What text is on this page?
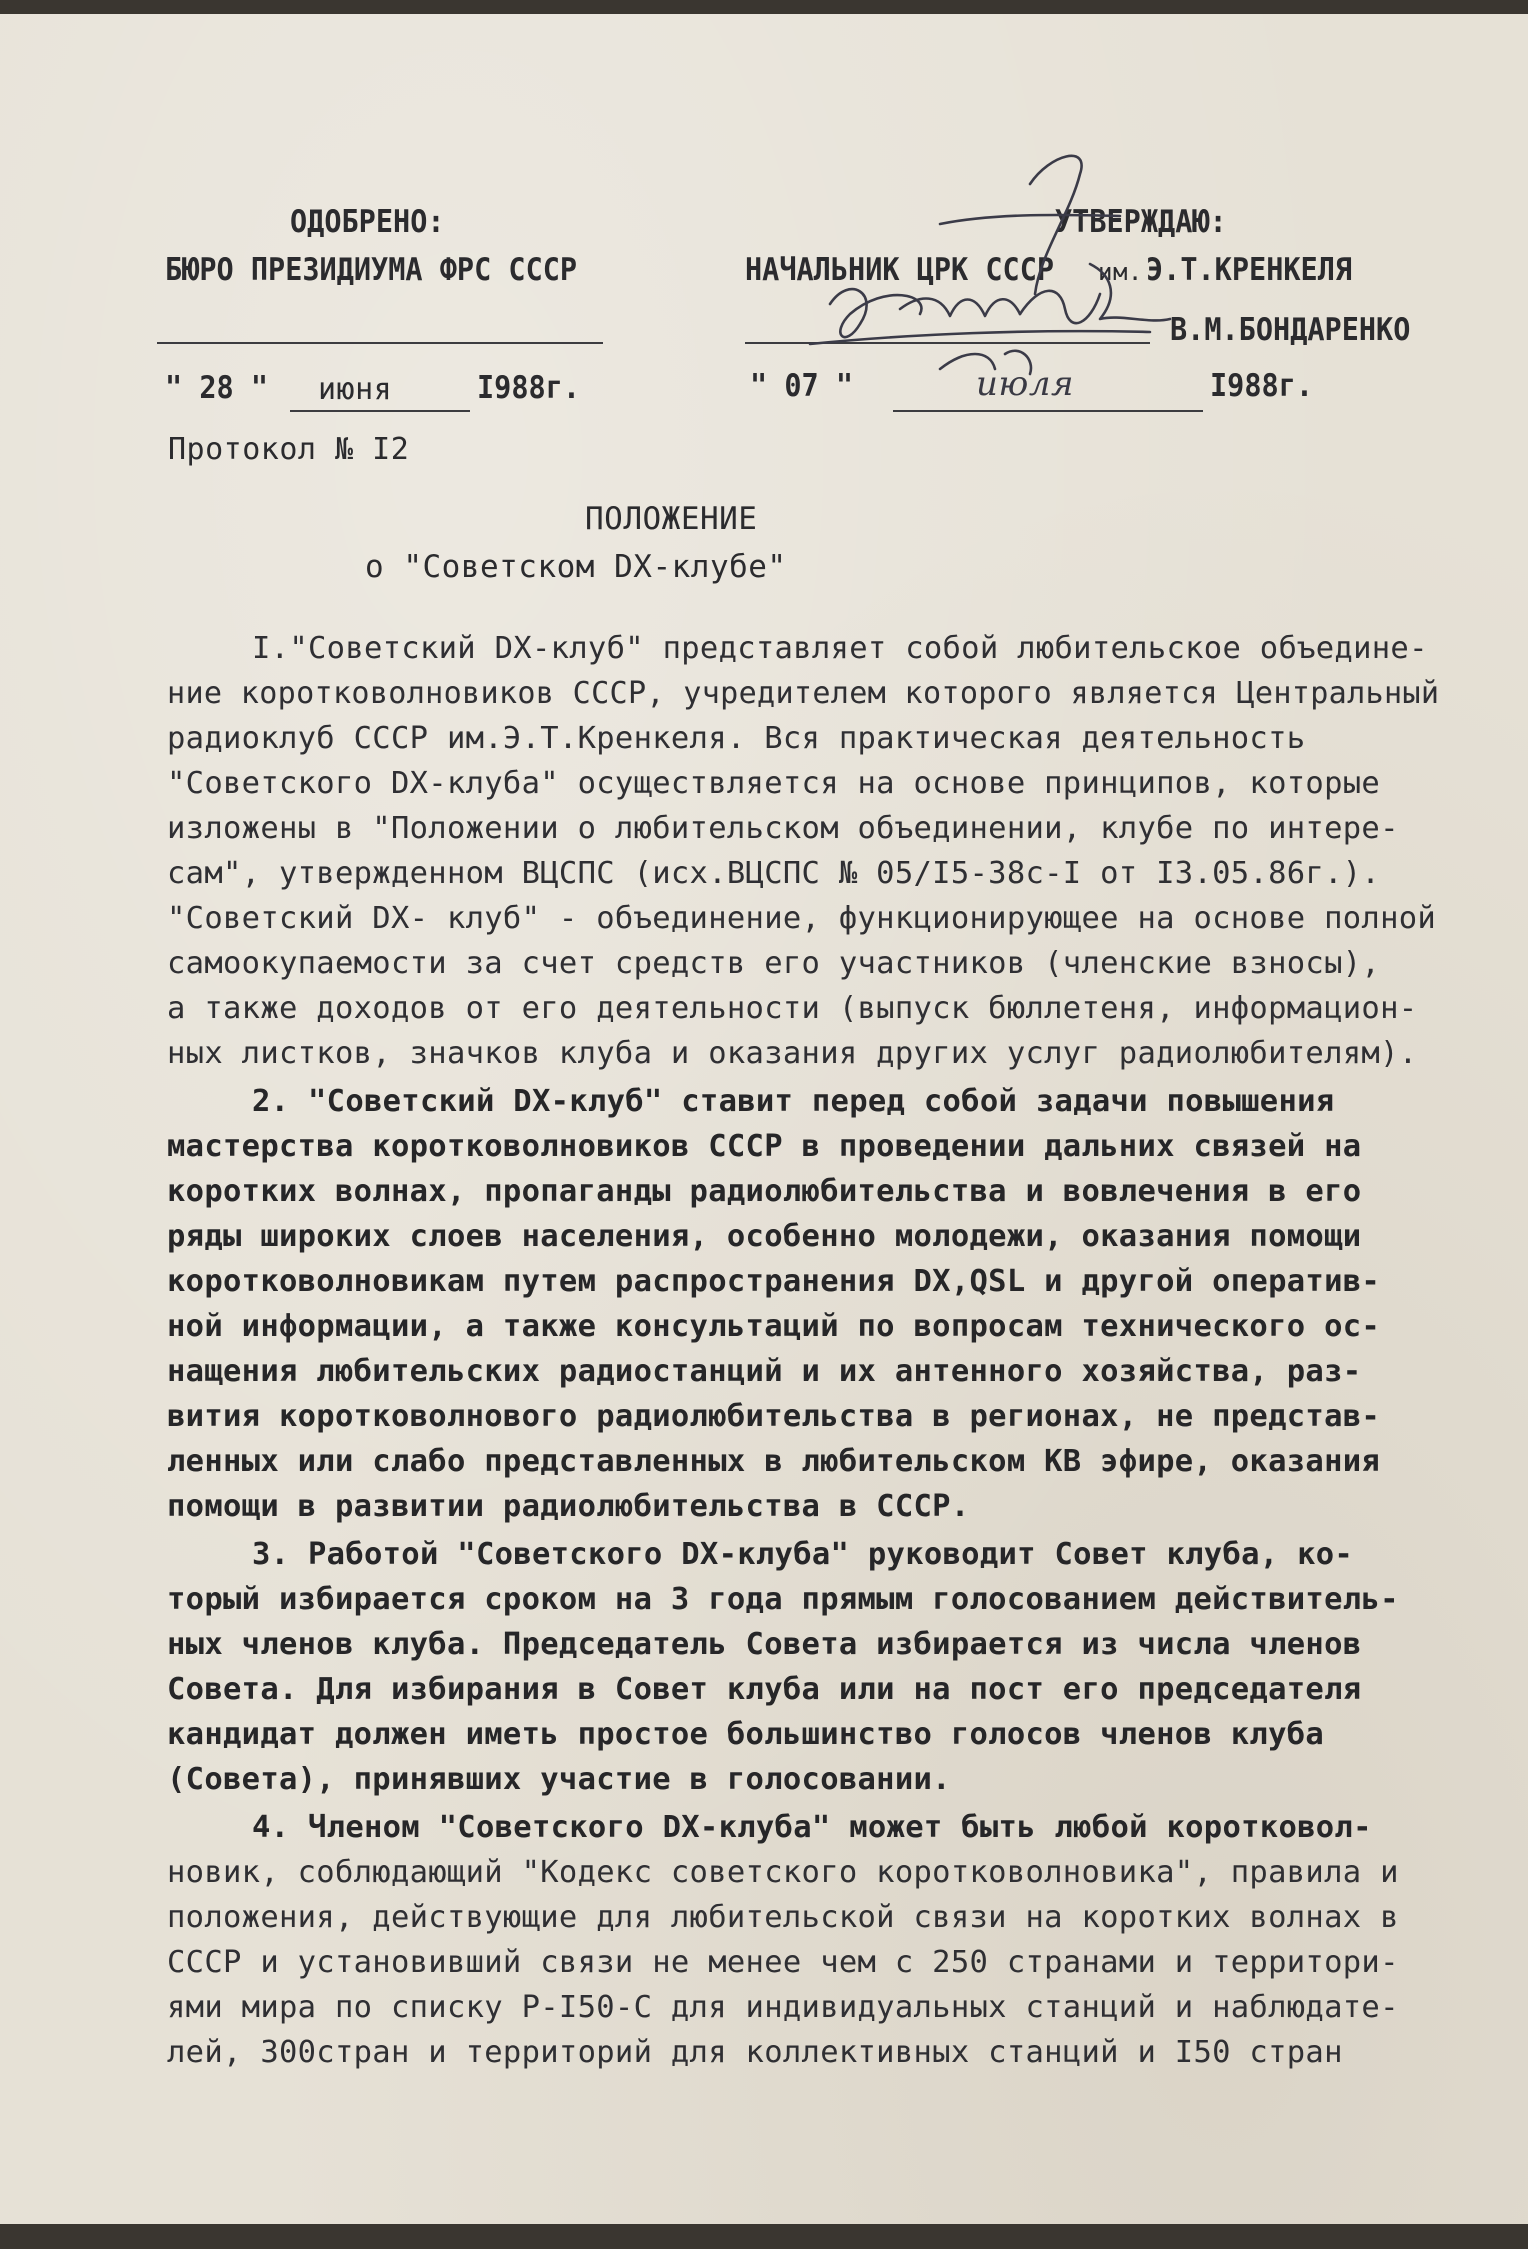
ОДОБРЕНО:
БЮРО ПРЕЗИДИУМА ФРС СССР
" 28 " июня	I988г.
Протокол № I2
УТВЕРЖДАЮ:
НАЧАЛЬНИК ЦРК СССР им. Э.Т.КРЕНКЕЛЯ
В.М.БОНДАРЕНКО
" 07 "	июля	I988г.
ПОЛОЖЕНИЕ
о "Советском DX-клубе"
I."Советский DX-клуб" представляет собой любительское объедине-
ние коротковолновиков СССР, учредителем которого является Центральный
радиоклуб СССР им.Э.Т.Кренкеля. Вся практическая деятельность
"Советского DX-клуба" осуществляется на основе принципов, которые
изложены в "Положении о любительском объединении, клубе по интере-
сам", утвержденном ВЦСПС (исх.ВЦСПС № 05/I5-38с-I от I3.05.86г.).
"Советский DX- клуб" - объединение, функционирующее на основе полной
самоокупаемости за счет средств его участников (членские взносы),
а также доходов от его деятельности (выпуск бюллетеня, информацион-
ных листков, значков клуба и оказания других услуг радиолюбителям).
2. "Советский DX-клуб" ставит перед собой задачи повышения
мастерства коротковолновиков СССР в проведении дальних связей на
коротких волнах, пропаганды радиолюбительства и вовлечения в его
ряды широких слоев населения, особенно молодежи, оказания помощи
коротковолновикам путем распространения DX,QSL и другой оператив-
ной информации, а также консультаций по вопросам технического ос-
нащения любительских радиостанций и их антенного хозяйства, раз-
вития коротковолнового радиолюбительства в регионах, не представ-
ленных или слабо представленных в любительском КВ эфире, оказания
помощи в развитии радиолюбительства в СССР.
3. Работой "Советского DX-клуба" руководит Совет клуба, ко-
торый избирается сроком на 3 года прямым голосованием действитель-
ных членов клуба. Председатель Совета избирается из числа членов
Совета. Для избирания в Совет клуба или на пост его председателя
кандидат должен иметь простое большинство голосов членов клуба
(Совета), принявших участие в голосовании.
4. Членом "Советского DX-клуба" может быть любой коротковол-
новик, соблюдающий "Кодекс советского коротковолновика", правила и
положения, действующие для любительской связи на коротких волнах в
СССР и установивший связи не менее чем с 250 странами и территори-
ями мира по списку Р-I50-С для индивидуальных станций и наблюдате-
лей, 300стран и территорий для коллективных станций и I50 стран
